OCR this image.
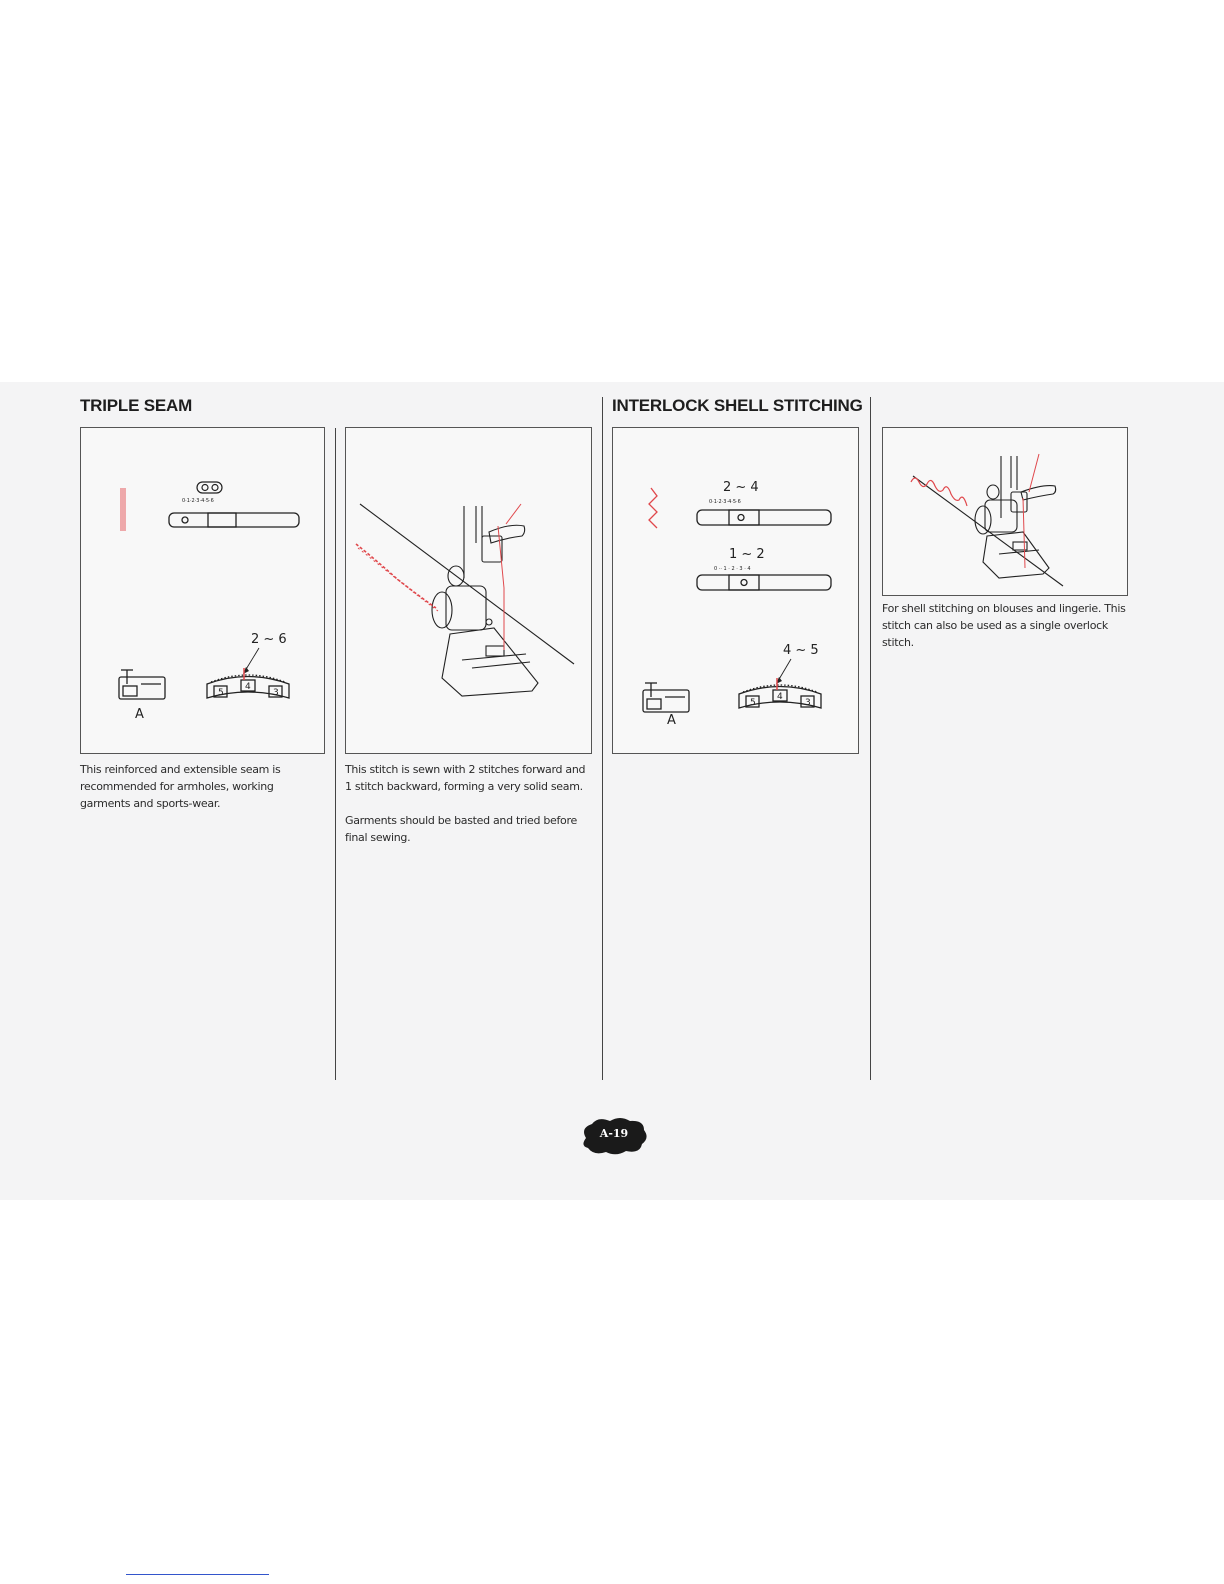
TRIPLE SEAM	INTERLOCK SHELL STITCHING
0·1·2·3·4·5·6
2 ~ 6
A
5
4
3
2 ~ 4
0·1·2·3·4·5·6
1 ~ 2
0 ·· 1 · 2 · 3 · 4
4 ~ 5
A
5
4
3

This reinforced and extensible seam is recommended for armholes, working garments and sports-wear.

This stitch is sewn with 2 stitches forward and 1 stitch backward, forming a very solid seam.

Garments should be basted and tried before final sewing.

For shell stitching on blouses and lingerie. This stitch can also be used as a single overlock stitch.

A-19
